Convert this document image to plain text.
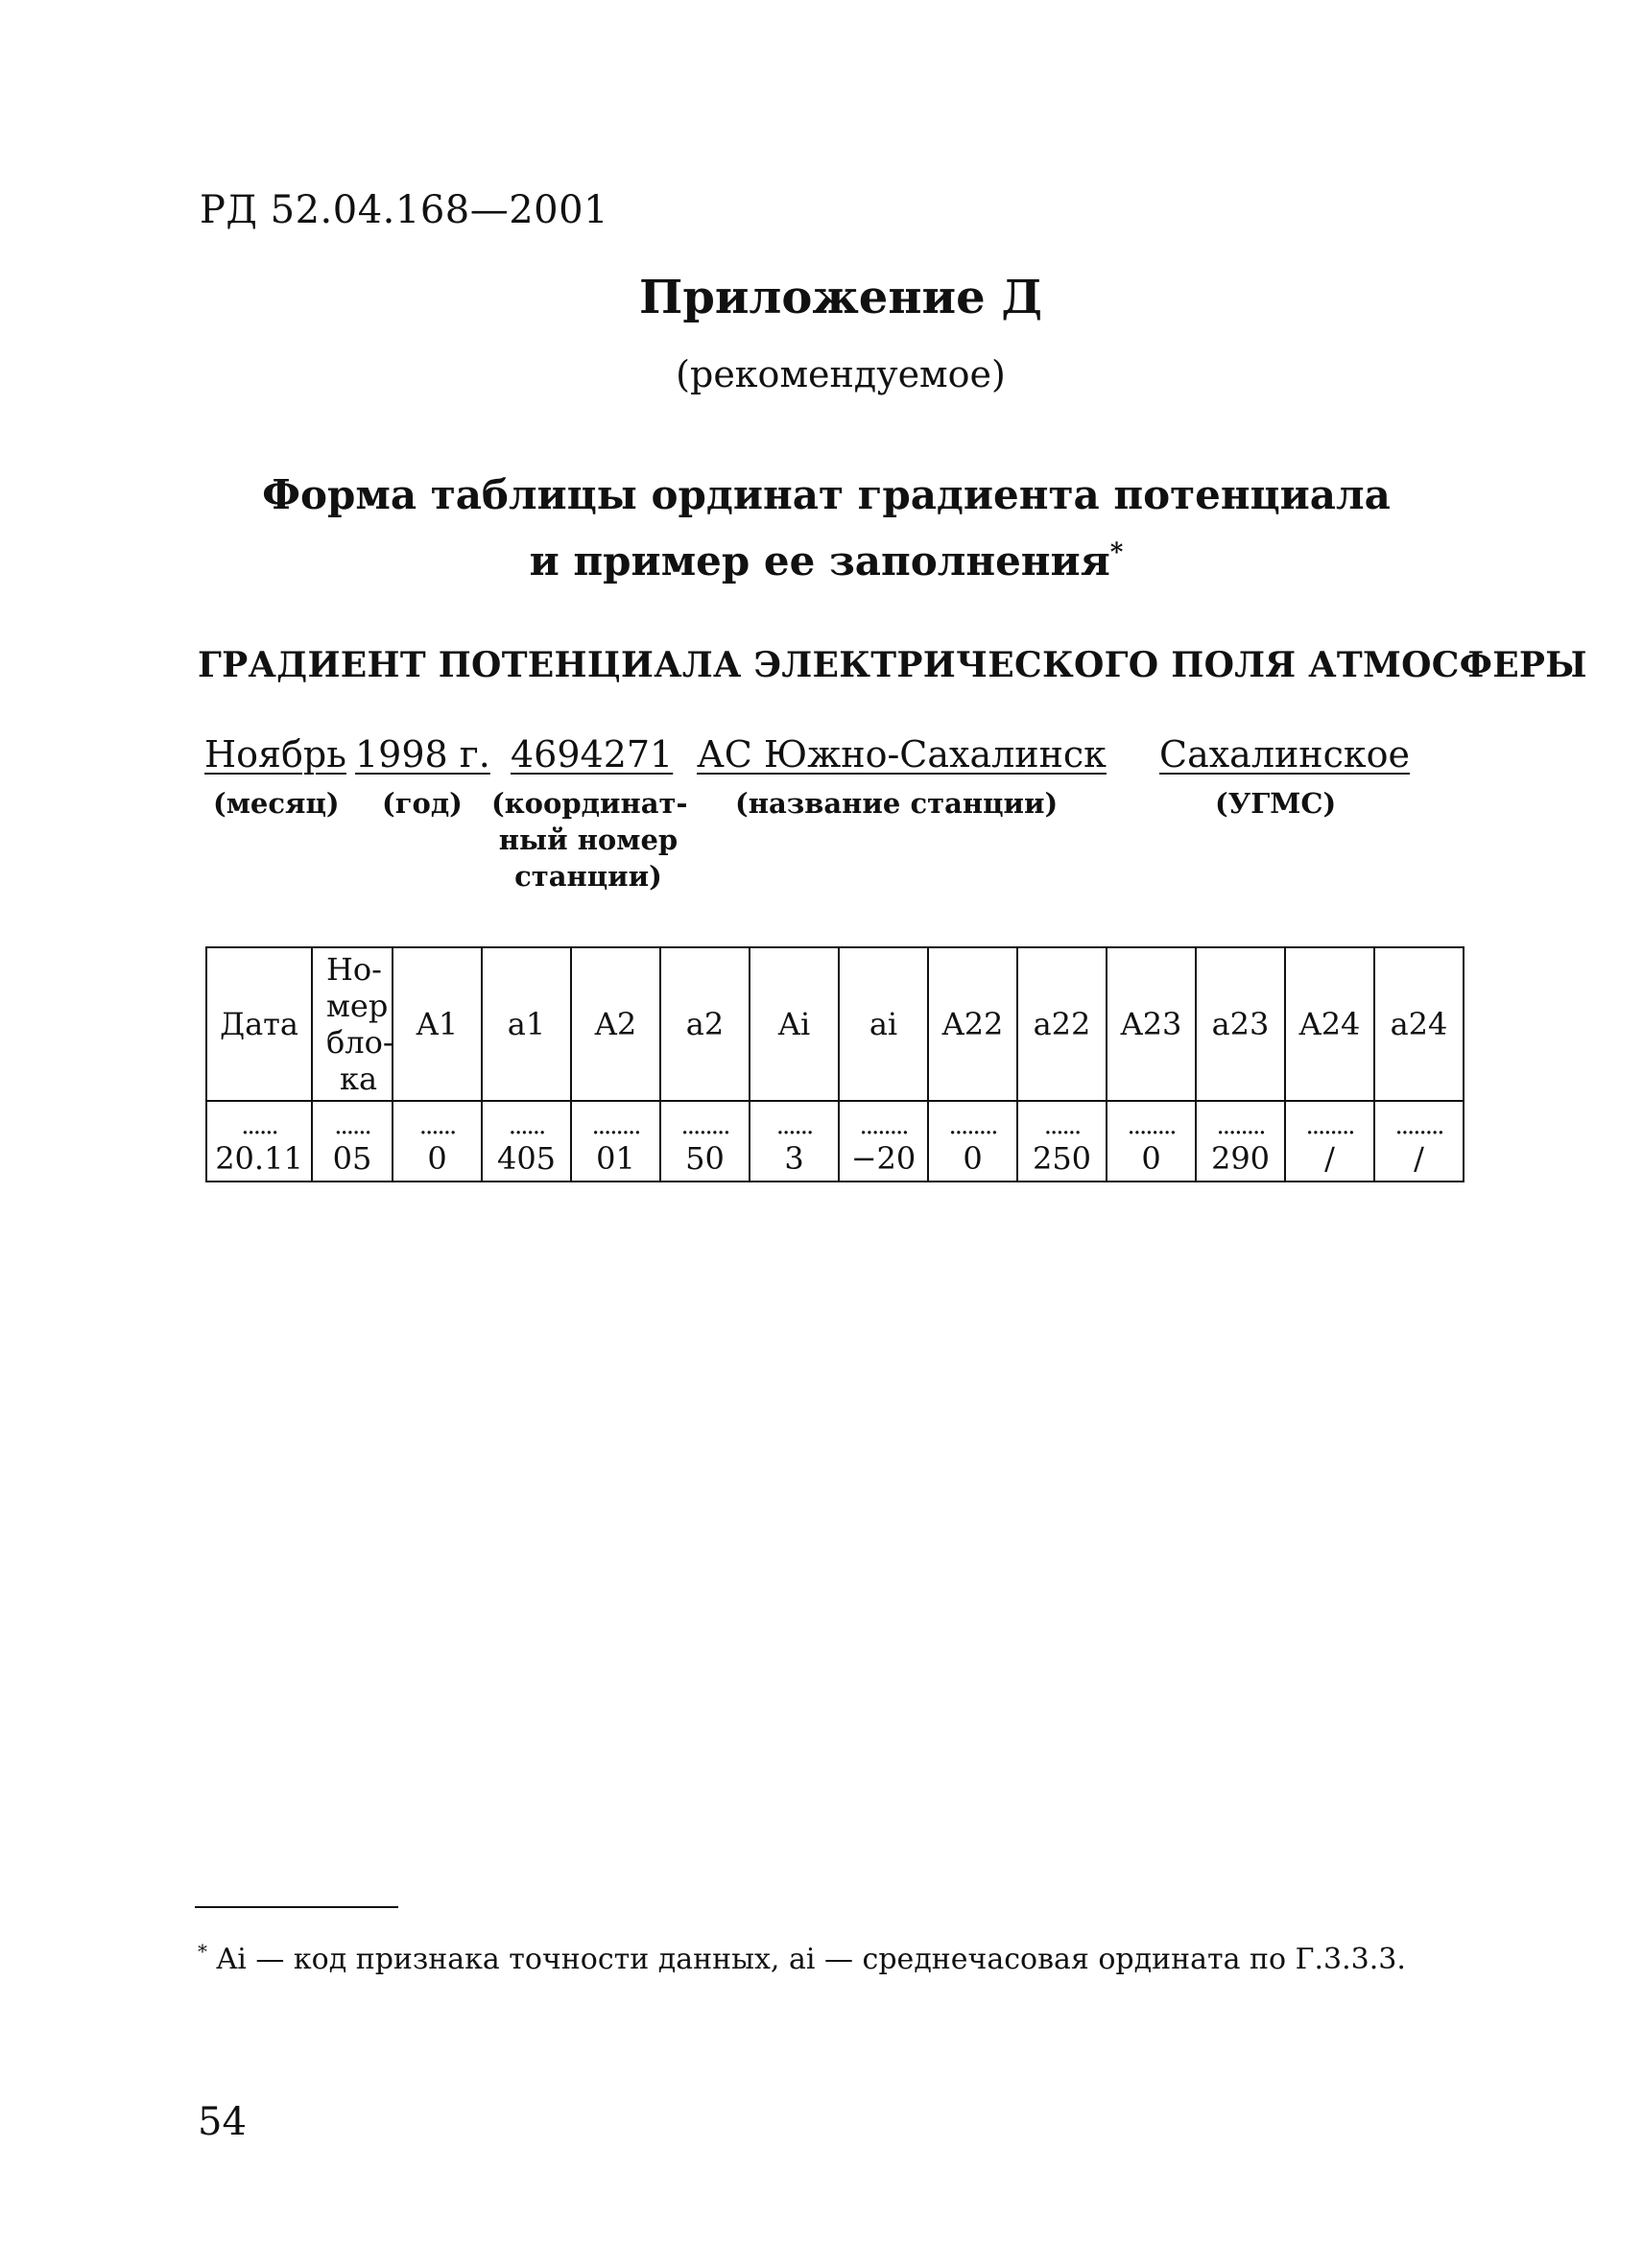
РД 52.04.168—2001
Приложение Д
(рекомендуемое)
Форма таблицы ординат градиента потенциала
и пример ее заполнения*
ГРАДИЕНТ ПОТЕНЦИАЛА ЭЛЕКТРИЧЕСКОГО ПОЛЯ АТМОСФЕРЫ
Ноябрь 1998 г. 4694271 АС Южно-Сахалинск Сахалинское
(месяц) (год) (координат-
ный номер
станции)
(название станции)	(УГМС)
Дата	Но-
мер
бло-
ка	A1	a1	A2	a2	Ai	ai	A22	a22	A23	a23	A24	a24
......	......	......	......	........	........	......	........	........	......	........	........	........	........
20.11	05	0	405	01	50	3	−20	0	250	0	290	/	/
* Ai — код признака точности данных, ai — среднечасовая ордината по Г.3.3.3.
54
